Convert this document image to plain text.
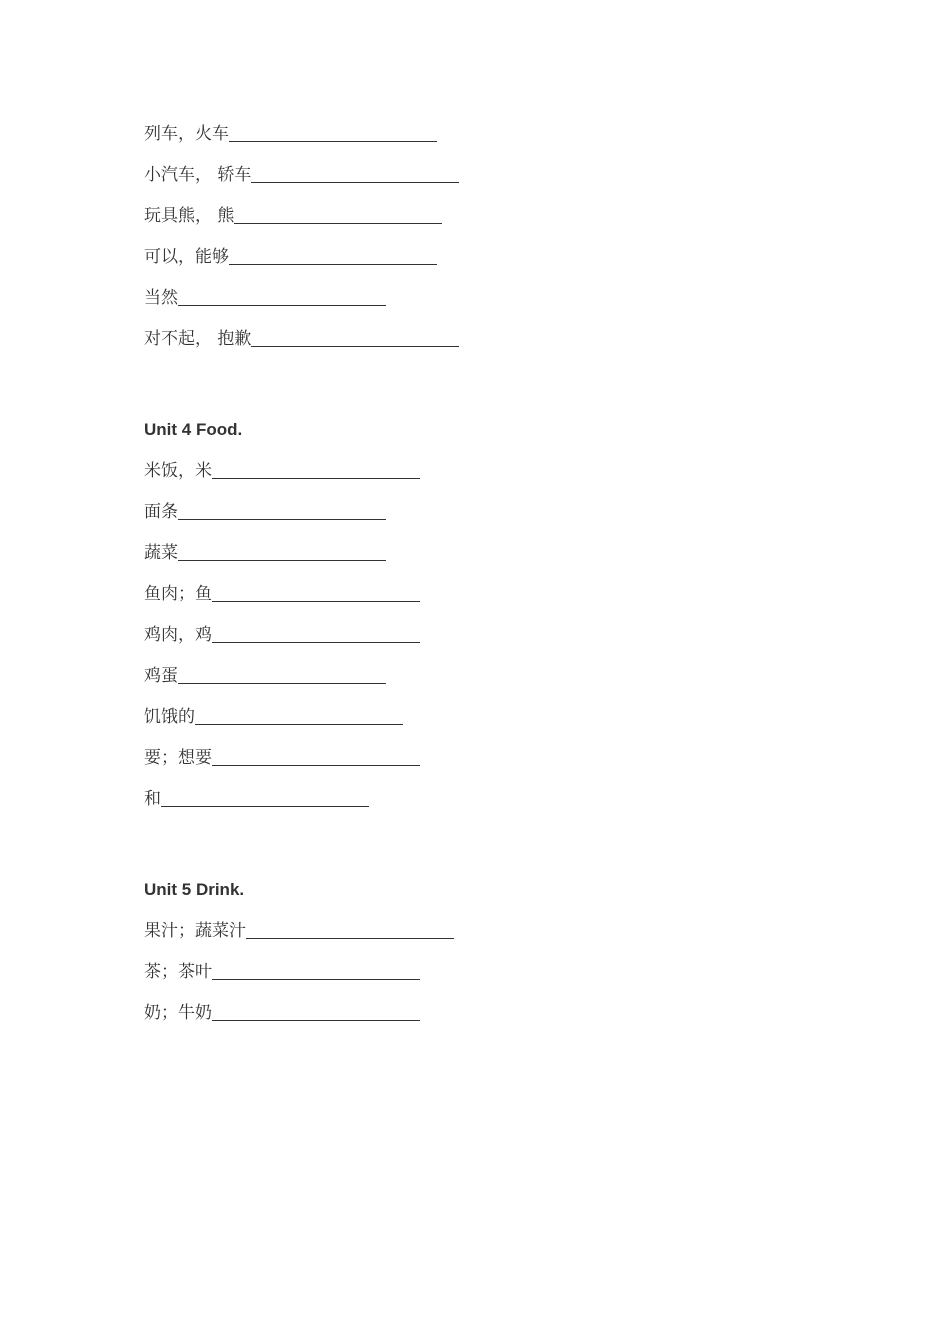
列车，火车
小汽车， 轿车
玩具熊， 熊
可以，能够
当然
对不起， 抱歉
Unit 4 Food.
米饭，米
面条
蔬菜
鱼肉；鱼
鸡肉，鸡
鸡蛋
饥饿的
要；想要
和
Unit 5 Drink.
果汁；蔬菜汁
茶；茶叶
奶；牛奶
